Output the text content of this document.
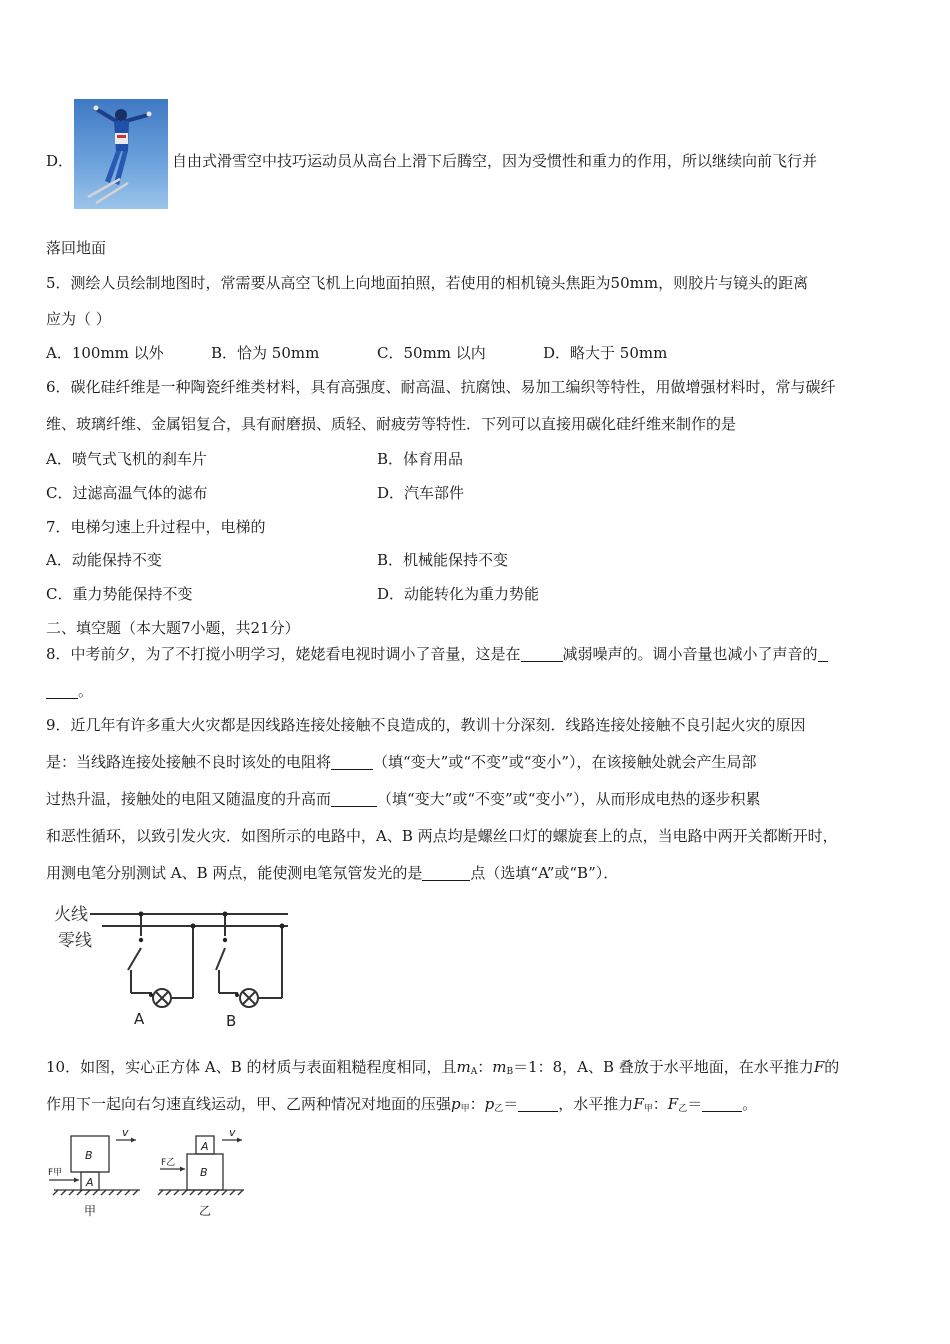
D．	自由式滑雪空中技巧运动员从高台上滑下后腾空，因为受惯性和重力的作用，所以继续向前飞行并
落回地面
5．测绘人员绘制地图时，常需要从高空飞机上向地面拍照，若使用的相机镜头焦距为50mm，则胶片与镜头的距离
应为（ ）
A．100mm 以外	B．恰为 50mm	C．50mm 以内	D．略大于 50mm
6．碳化硅纤维是一种陶瓷纤维类材料，具有高强度、耐高温、抗腐蚀、易加工编织等特性，用做增强材料时，常与碳纤
维、玻璃纤维、金属铝复合，具有耐磨损、质轻、耐疲劳等特性．下列可以直接用碳化硅纤维来制作的是
A．喷气式飞机的刹车片	B．体育用品
C．过滤高温气体的滤布	D．汽车部件
7．电梯匀速上升过程中，电梯的
A．动能保持不变	B．机械能保持不变
C．重力势能保持不变	D．动能转化为重力势能
二、填空题（本大题7小题，共21分）
8．中考前夕，为了不打搅小明学习，姥姥看电视时调小了音量，这是在	减弱噪声的。调小音量也减小了声音的
。
9．近几年有许多重大火灾都是因线路连接处接触不良造成的，教训十分深刻．线路连接处接触不良引起火灾的原因
是：当线路连接处接触不良时该处的电阻将	（填“变大”或“不变”或“变小”），在该接触处就会产生局部
过热升温，接触处的电阻又随温度的升高而	（填“变大”或“不变”或“变小”），从而形成电热的逐步积累
和恶性循环，以致引发火灾．如图所示的电路中，A、B 两点均是螺丝口灯的螺旋套上的点，当电路中两开关都断开时，
用测电笔分别测试 A、B 两点，能使测电笔氖管发光的是	点（选填“A”或“B”）．
火线
零线
A	B
10．如图，实心正方体 A、B 的材质与表面粗糙程度相同，且$m_A$：$m_B=1$：8，A、B 叠放于水平地面，在水平推力F的
作用下一起向右匀速直线运动，甲、乙两种情况对地面的压强$p_甲$：$p_乙=$	，水平推力$F_甲$：$F_乙=$	。
B
A
A
B
v	v
F甲
F乙
甲	乙
